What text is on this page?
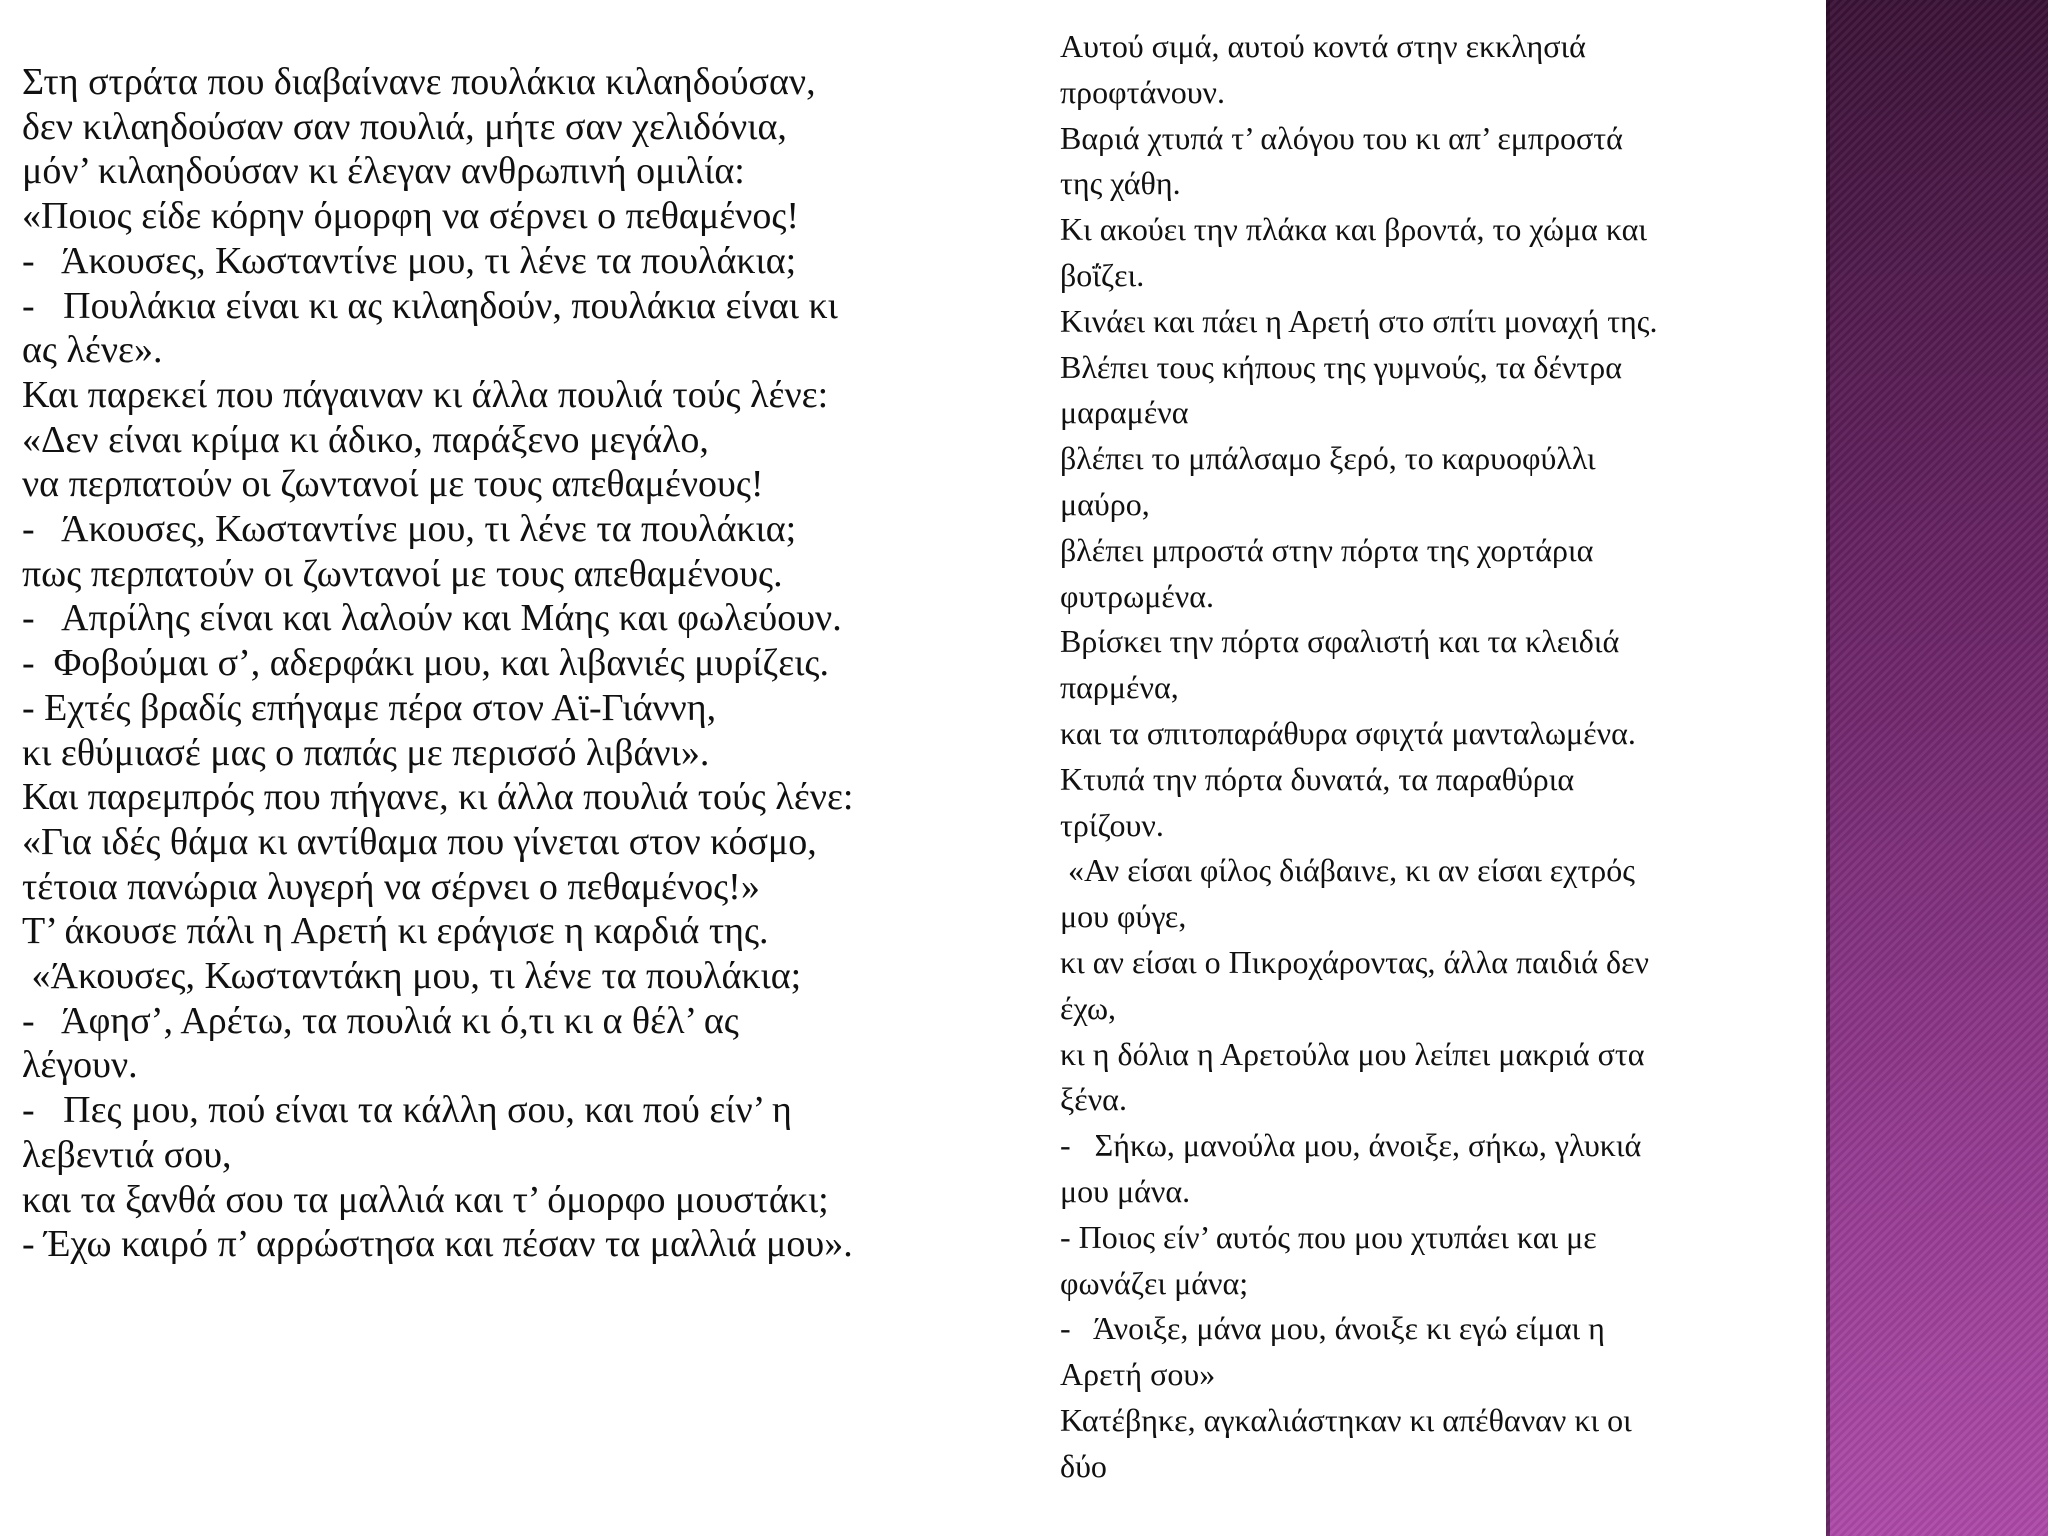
Στη στράτα που διαβαίνανε πουλάκια κιλαηδούσαν,
δεν κιλαηδούσαν σαν πουλιά, μήτε σαν χελιδόνια,
μόν’ κιλαηδούσαν κι έλεγαν ανθρωπινή ομιλία:
«Ποιος είδε κόρην όμορφη να σέρνει ο πεθαμένος!
-   Άκουσες, Κωσταντίνε μου, τι λένε τα πουλάκια;
-   Πουλάκια είναι κι ας κιλαηδούν, πουλάκια είναι κι
ας λένε».
Και παρεκεί που πάγαιναν κι άλλα πουλιά τούς λένε:
«Δεν είναι κρίμα κι άδικο, παράξενο μεγάλο,
να περπατούν οι ζωντανοί με τους απεθαμένους!
-   Άκουσες, Κωσταντίνε μου, τι λένε τα πουλάκια;
πως περπατούν οι ζωντανοί με τους απεθαμένους.
-   Απρίλης είναι και λαλούν και Μάης και φωλεύουν.
-  Φοβούμαι σ’, αδερφάκι μου, και λιβανιές μυρίζεις.
- Εχτές βραδίς επήγαμε πέρα στον Αϊ-Γιάννη,
κι εθύμιασέ μας ο παπάς με περισσό λιβάνι».
Και παρεμπρός που πήγανε, κι άλλα πουλιά τούς λένε:
«Για ιδές θάμα κι αντίθαμα που γίνεται στον κόσμο,
τέτοια πανώρια λυγερή να σέρνει ο πεθαμένος!»
Τ’ άκουσε πάλι η Αρετή κι εράγισε η καρδιά της.
«Άκουσες, Κωσταντάκη μου, τι λένε τα πουλάκια;
-   Άφησ’, Αρέτω, τα πουλιά κι ό,τι κι α θέλ’ ας
λέγουν.
-   Πες μου, πού είναι τα κάλλη σου, και πού είν’ η
λεβεντιά σου,
και τα ξανθά σου τα μαλλιά και τ’ όμορφο μουστάκι;
- Έχω καιρό π’ αρρώστησα και πέσαν τα μαλλιά μου».
Αυτού σιμά, αυτού κοντά στην εκκλησιά
προφτάνουν.
Βαριά χτυπά τ’ αλόγου του κι απ’ εμπροστά
της χάθη.
Κι ακούει την πλάκα και βροντά, το χώμα και
βοΐζει.
Κινάει και πάει η Αρετή στο σπίτι μοναχή της.
Βλέπει τους κήπους της γυμνούς, τα δέντρα
μαραμένα
βλέπει το μπάλσαμο ξερό, το καρυοφύλλι
μαύρο,
βλέπει μπροστά στην πόρτα της χορτάρια
φυτρωμένα.
Βρίσκει την πόρτα σφαλιστή και τα κλειδιά
παρμένα,
και τα σπιτοπαράθυρα σφιχτά μανταλωμένα.
Κτυπά την πόρτα δυνατά, τα παραθύρια
τρίζουν.
«Αν είσαι φίλος διάβαινε, κι αν είσαι εχτρός
μου φύγε,
κι αν είσαι ο Πικροχάροντας, άλλα παιδιά δεν
έχω,
κι η δόλια η Αρετούλα μου λείπει μακριά στα
ξένα.
-   Σήκω, μανούλα μου, άνοιξε, σήκω, γλυκιά
μου μάνα.
- Ποιος είν’ αυτός που μου χτυπάει και με
φωνάζει μάνα;
-   Άνοιξε, μάνα μου, άνοιξε κι εγώ είμαι η
Αρετή σου»
Κατέβηκε, αγκαλιάστηκαν κι απέθαναν κι οι
δύο
